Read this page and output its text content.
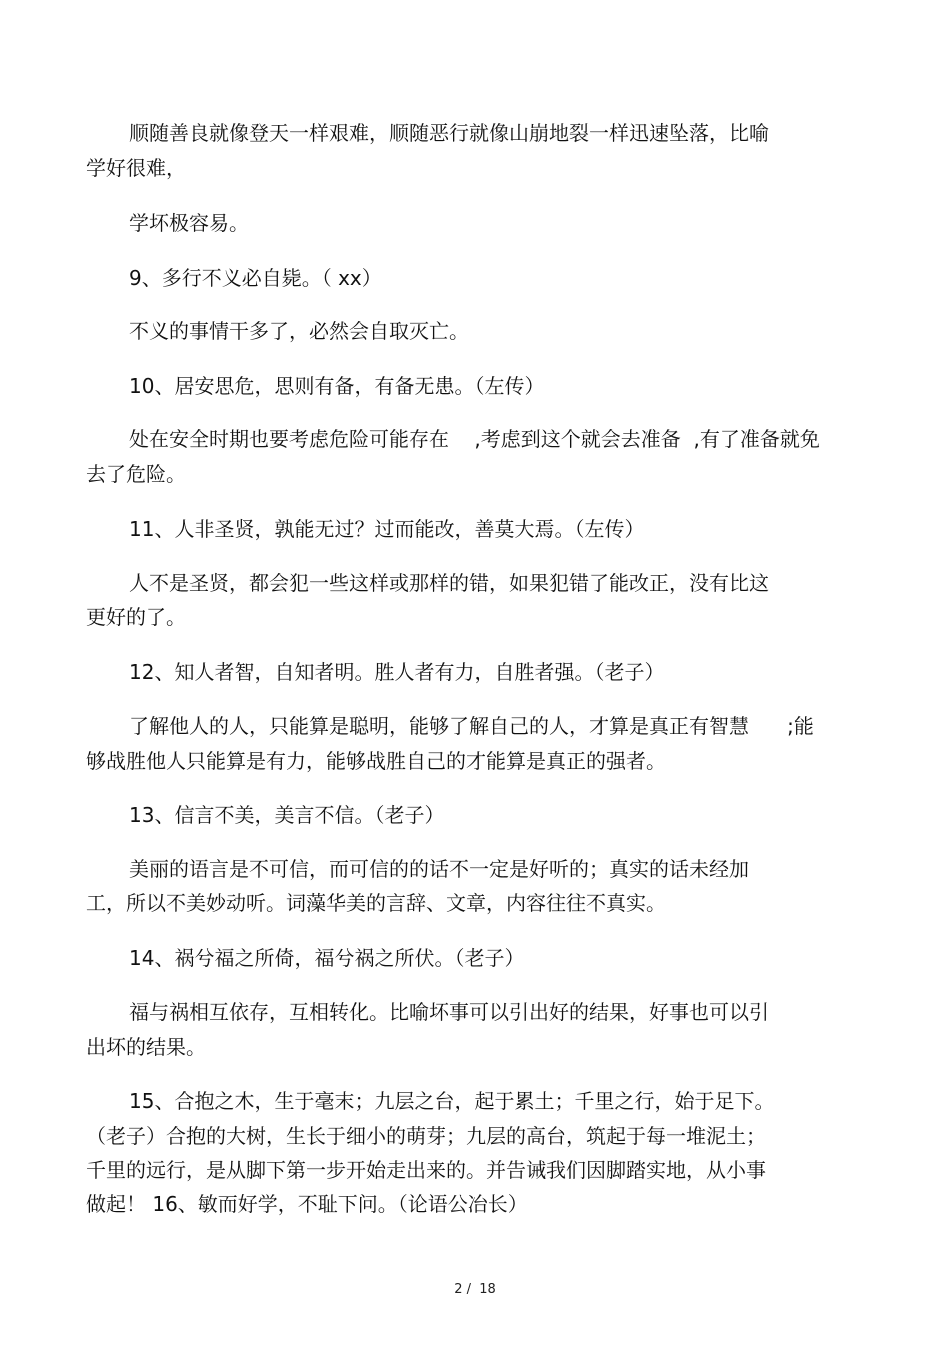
顺随善良就像登天一样艰难，顺随恶行就像山崩地裂一样迅速坠落，比喻

学好很难，

学坏极容易。

9、多行不义必自毙。（ xx）

不义的事情干多了，必然会自取灭亡。

10、居安思危，思则有备，有备无患。（左传）

处在安全时期也要考虑危险可能存在    ,考虑到这个就会去准备  ,有了准备就免

去了危险。

11、人非圣贤，孰能无过？过而能改，善莫大焉。（左传）

人不是圣贤，都会犯一些这样或那样的错，如果犯错了能改正，没有比这

更好的了。

12、知人者智，自知者明。胜人者有力，自胜者强。（老子）

了解他人的人，只能算是聪明，能够了解自己的人，才算是真正有智慧      ;能

够战胜他人只能算是有力，能够战胜自己的才能算是真正的强者。

13、信言不美，美言不信。（老子）

美丽的语言是不可信，而可信的的话不一定是好听的；真实的话未经加

工，所以不美妙动听。词藻华美的言辞、文章，内容往往不真实。

14、祸兮福之所倚，福兮祸之所伏。（老子）

福与祸相互依存，互相转化。比喻坏事可以引出好的结果，好事也可以引

出坏的结果。

15、合抱之木，生于毫末；九层之台，起于累土；千里之行，始于足下。

（老子）合抱的大树，生长于细小的萌芽；九层的高台，筑起于每一堆泥土；

千里的远行，是从脚下第一步开始走出来的。并告诫我们因脚踏实地，从小事

做起！ 16、敏而好学，不耻下问。（论语公冶长）

2 /  18
